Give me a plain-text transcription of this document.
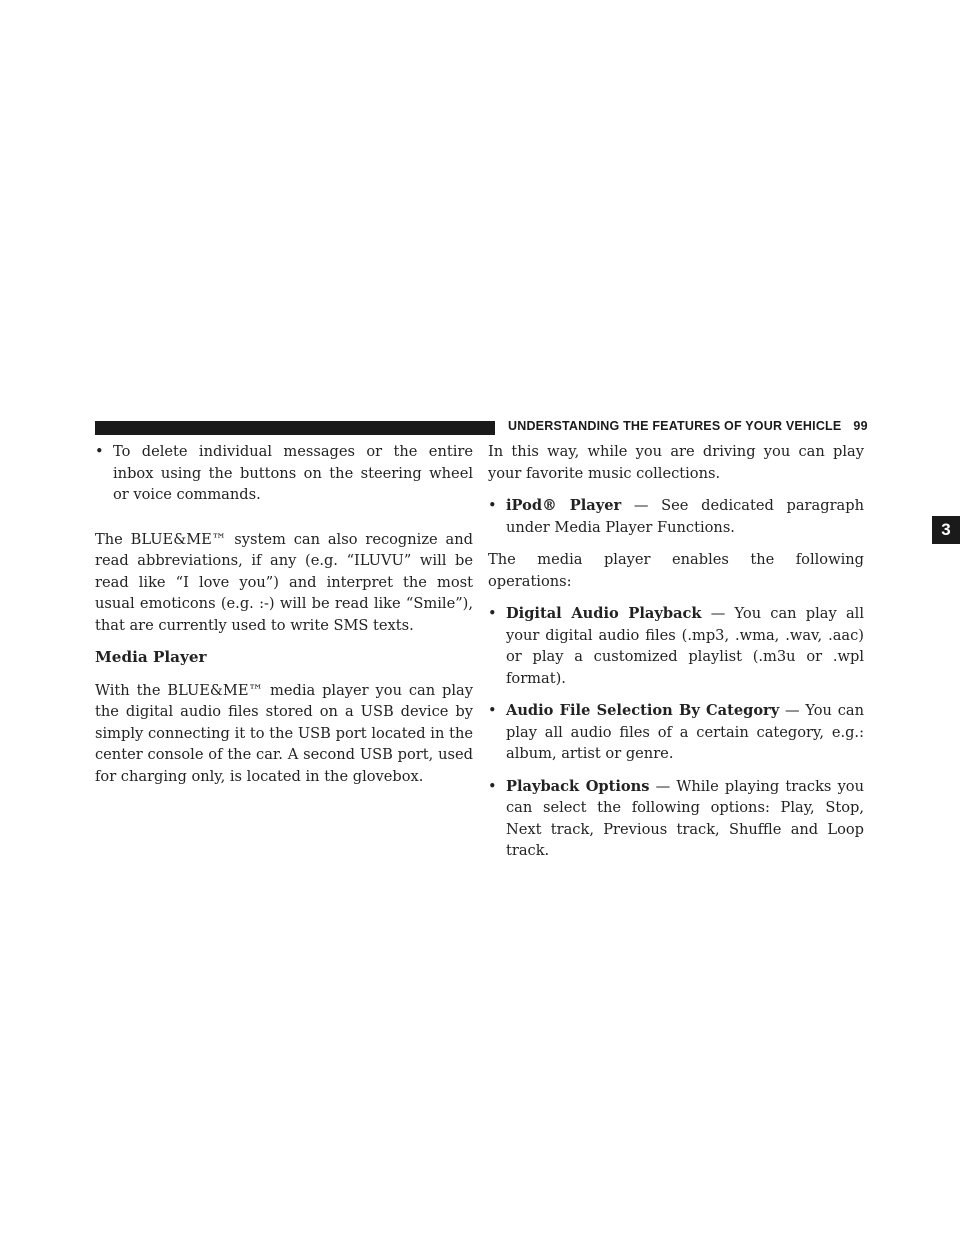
UNDERSTANDING THE FEATURES OF YOUR VEHICLE 99
3
• To delete individual messages or the entire inbox using the buttons on the steering wheel or voice commands.

The BLUE&ME™ system can also recognize and read abbreviations, if any (e.g. “ILUVU” will be read like “I love you”) and interpret the most usual emoticons (e.g. :-) will be read like “Smile”), that are currently used to write SMS texts.

Media Player

With the BLUE&ME™ media player you can play the digital audio files stored on a USB device by simply connecting it to the USB port located in the center console of the car. A second USB port, used for charging only, is located in the glovebox.

In this way, while you are driving you can play your favorite music collections.

• iPod® Player — See dedicated paragraph under Media Player Functions.

The media player enables the following operations:

• Digital Audio Playback — You can play all your digital audio files (.mp3, .wma, .wav, .aac) or play a customized playlist (.m3u or .wpl format).
• Audio File Selection By Category — You can play all audio files of a certain category, e.g.: album, artist or genre.
• Playback Options — While playing tracks you can select the following options: Play, Stop, Next track, Previous track, Shuffle and Loop track.
